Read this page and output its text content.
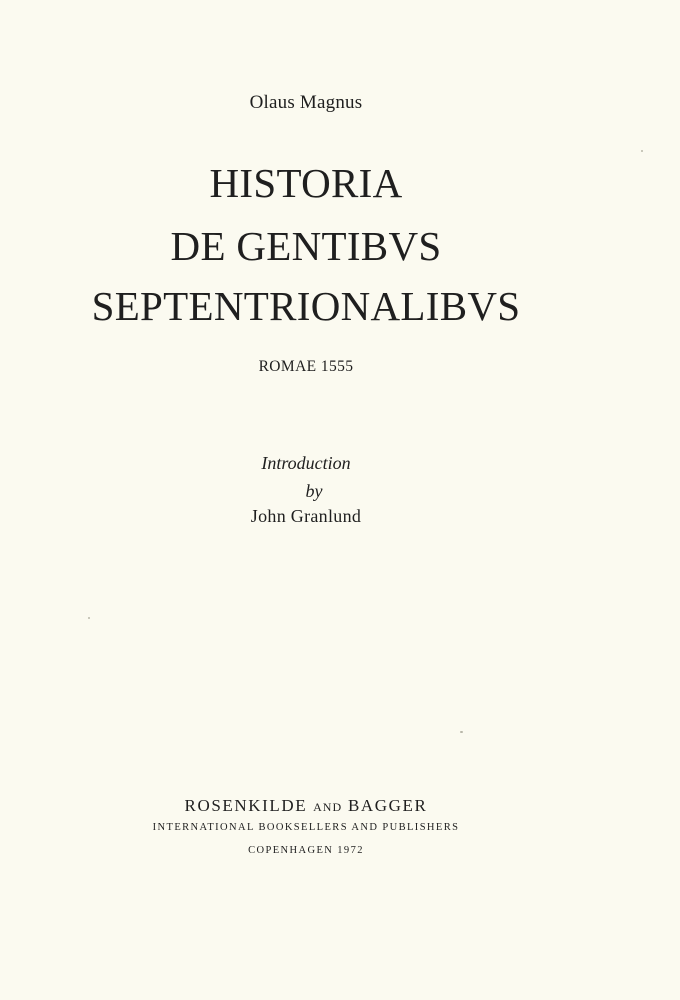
Olaus Magnus

HISTORIA
DE GENTIBVS
SEPTENTRIONALIBVS

ROMAE 1555

Introduction

by

John Granlund

ROSENKILDE AND BAGGER

INTERNATIONAL BOOKSELLERS AND PUBLISHERS

COPENHAGEN 1972
